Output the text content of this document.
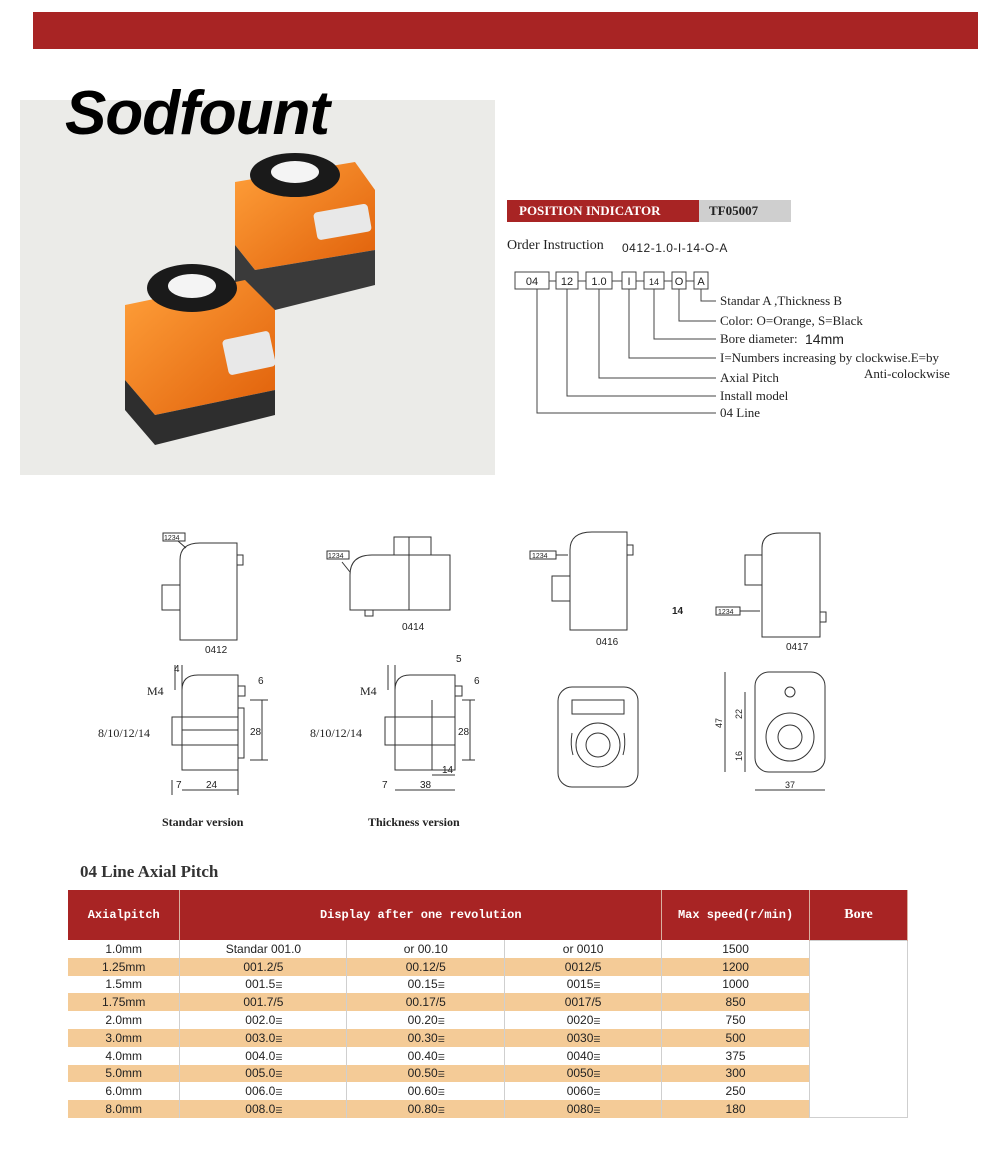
Sodfount
POSITION INDICATOR	TF05007
Order Instruction 0412-1.0-I-14-O-A
04 12 1.0 I 14 O A
Standar A ,Thickness B
Color: O=Orange, S=Black
Bore diameter: 14mm
I=Numbers increasing by clockwise.E=by
Anti-colockwise
Axial Pitch
Install model
04 Line
0412
1234
0414
1234
0416
1234
14
0417
1234
4
M4
8/10/12/14
6
28
7 24
Standar version
5
M4
8/10/12/14
6
28
7	38
14
Thickness version
47
22
16
37
04 Line Axial Pitch
Axialpitch	Display after one revolution			Max speed(r/min)	Bore
1.0mm	Standar 001.0	or 00.10	or 0010	1500	
1.25mm	001.2/5	00.12/5	0012/5	1200	
1.5mm	001.5☰	00.15☰	0015☰	1000	
1.75mm	001.7/5	00.17/5	0017/5	850	
2.0mm	002.0☰	00.20☰	0020☰	750	
3.0mm	003.0☰	00.30☰	0030☰	500	
4.0mm	004.0☰	00.40☰	0040☰	375	
5.0mm	005.0☰	00.50☰	0050☰	300	
6.0mm	006.0☰	00.60☰	0060☰	250	
8.0mm	008.0☰	00.80☰	0080☰	180	
